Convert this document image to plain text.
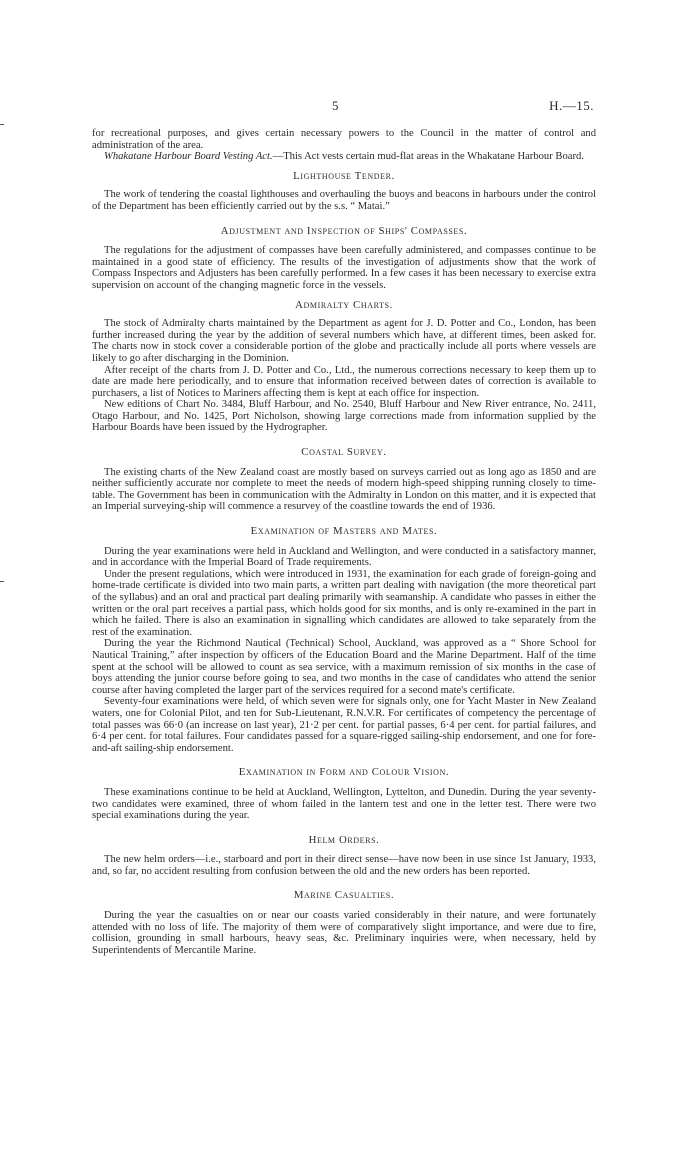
5	H.—15.

for recreational purposes, and gives certain necessary powers to the Council in the matter of control and administration of the area.

Whakatane Harbour Board Vesting Act.—This Act vests certain mud-flat areas in the Whakatane Harbour Board.

Lighthouse Tender.

The work of tendering the coastal lighthouses and overhauling the buoys and beacons in harbours under the control of the Department has been efficiently carried out by the s.s. “ Matai.”

Adjustment and Inspection of Ships' Compasses.

The regulations for the adjustment of compasses have been carefully administered, and compasses continue to be maintained in a good state of efficiency. The results of the investigation of adjustments show that the work of Compass Inspectors and Adjusters has been carefully performed. In a few cases it has been necessary to exercise extra supervision on account of the changing magnetic force in the vessels.

Admiralty Charts.

The stock of Admiralty charts maintained by the Department as agent for J. D. Potter and Co., London, has been further increased during the year by the addition of several numbers which have, at different times, been asked for. The charts now in stock cover a considerable portion of the globe and practically include all ports where vessels are likely to go after discharging in the Dominion.

After receipt of the charts from J. D. Potter and Co., Ltd., the numerous corrections necessary to keep them up to date are made here periodically, and to ensure that information received between dates of correction is available to purchasers, a list of Notices to Mariners affecting them is kept at each office for inspection.

New editions of Chart No. 3484, Bluff Harbour, and No. 2540, Bluff Harbour and New River entrance, No. 2411, Otago Harbour, and No. 1425, Port Nicholson, showing large corrections made from information supplied by the Harbour Boards have been issued by the Hydrographer.

Coastal Survey.

The existing charts of the New Zealand coast are mostly based on surveys carried out as long ago as 1850 and are neither sufficiently accurate nor complete to meet the needs of modern high-speed shipping running closely to time-table. The Government has been in communication with the Admiralty in London on this matter, and it is expected that an Imperial surveying-ship will commence a resurvey of the coastline towards the end of 1936.

Examination of Masters and Mates.

During the year examinations were held in Auckland and Wellington, and were conducted in a satisfactory manner, and in accordance with the Imperial Board of Trade requirements.

Under the present regulations, which were introduced in 1931, the examination for each grade of foreign-going and home-trade certificate is divided into two main parts, a written part dealing with navigation (the more theoretical part of the syllabus) and an oral and practical part dealing primarily with seamanship. A candidate who passes in either the written or the oral part receives a partial pass, which holds good for six months, and is only re-examined in the part in which he failed. There is also an examination in signalling which candidates are allowed to take separately from the rest of the examination.

During the year the Richmond Nautical (Technical) School, Auckland, was approved as a “ Shore School for Nautical Training,” after inspection by officers of the Education Board and the Marine Department. Half of the time spent at the school will be allowed to count as sea service, with a maximum remission of six months in the case of boys attending the junior course before going to sea, and two months in the case of candidates who attend the senior course after having completed the larger part of the services required for a second mate's certificate.

Seventy-four examinations were held, of which seven were for signals only, one for Yacht Master in New Zealand waters, one for Colonial Pilot, and ten for Sub-Lieutenant, R.N.V.R. For certificates of competency the percentage of total passes was 66·0 (an increase on last year), 21·2 per cent. for partial passes, 6·4 per cent. for partial failures, and 6·4 per cent. for total failures. Four candidates passed for a square-rigged sailing-ship endorsement, and one for fore-and-aft sailing-ship endorsement.

Examination in Form and Colour Vision.

These examinations continue to be held at Auckland, Wellington, Lyttelton, and Dunedin. During the year seventy-two candidates were examined, three of whom failed in the lantern test and one in the letter test. There were two special examinations during the year.

Helm Orders.

The new helm orders—i.e., starboard and port in their direct sense—have now been in use since 1st January, 1933, and, so far, no accident resulting from confusion between the old and the new orders has been reported.

Marine Casualties.

During the year the casualties on or near our coasts varied considerably in their nature, and were fortunately attended with no loss of life. The majority of them were of comparatively slight importance, and were due to fire, collision, grounding in small harbours, heavy seas, &c. Preliminary inquiries were, when necessary, held by Superintendents of Mercantile Marine.
